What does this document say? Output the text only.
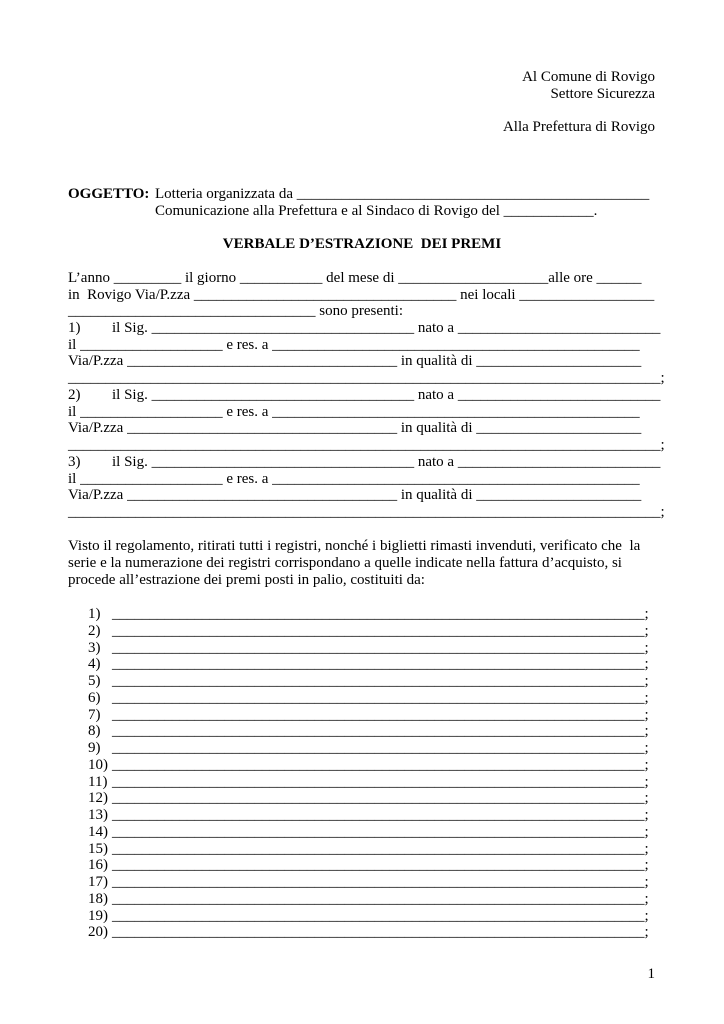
Al Comune di Rovigo
Settore Sicurezza
Alla Prefettura di Rovigo
OGGETTO: Lotteria organizzata da _______________________________________________
Comunicazione alla Prefettura e al Sindaco di Rovigo del ____________.
VERBALE D’ESTRAZIONE  DEI PREMI
L’anno _________ il giorno ___________ del mese di ____________________alle ore ______
in  Rovigo Via/P.zza ___________________________________ nei locali __________________
_________________________________ sono presenti:
1) il Sig. ___________________________________ nato a ___________________________
il ___________________ e res. a _________________________________________________
Via/P.zza ____________________________________ in qualità di ______________________
_______________________________________________________________________________;
2) il Sig. ___________________________________ nato a ___________________________
il ___________________ e res. a _________________________________________________
Via/P.zza ____________________________________ in qualità di ______________________
_______________________________________________________________________________;
3) il Sig. ___________________________________ nato a ___________________________
il ___________________ e res. a _________________________________________________
Via/P.zza ____________________________________ in qualità di ______________________
_______________________________________________________________________________;
Visto il regolamento, ritirati tutti i registri, nonché i biglietti rimasti invenduti, verificato che  la
serie e la numerazione dei registri corrispondano a quelle indicate nella fattura d’acquisto, si
procede all’estrazione dei premi posti in palio, costituiti da:
1) _______________________________________________________________________;
2) _______________________________________________________________________;
3) _______________________________________________________________________;
4) _______________________________________________________________________;
5) _______________________________________________________________________;
6) _______________________________________________________________________;
7) _______________________________________________________________________;
8) _______________________________________________________________________;
9) _______________________________________________________________________;
10) _______________________________________________________________________;
11) _______________________________________________________________________;
12) _______________________________________________________________________;
13) _______________________________________________________________________;
14) _______________________________________________________________________;
15) _______________________________________________________________________;
16) _______________________________________________________________________;
17) _______________________________________________________________________;
18) _______________________________________________________________________;
19) _______________________________________________________________________;
20) _______________________________________________________________________;
1
